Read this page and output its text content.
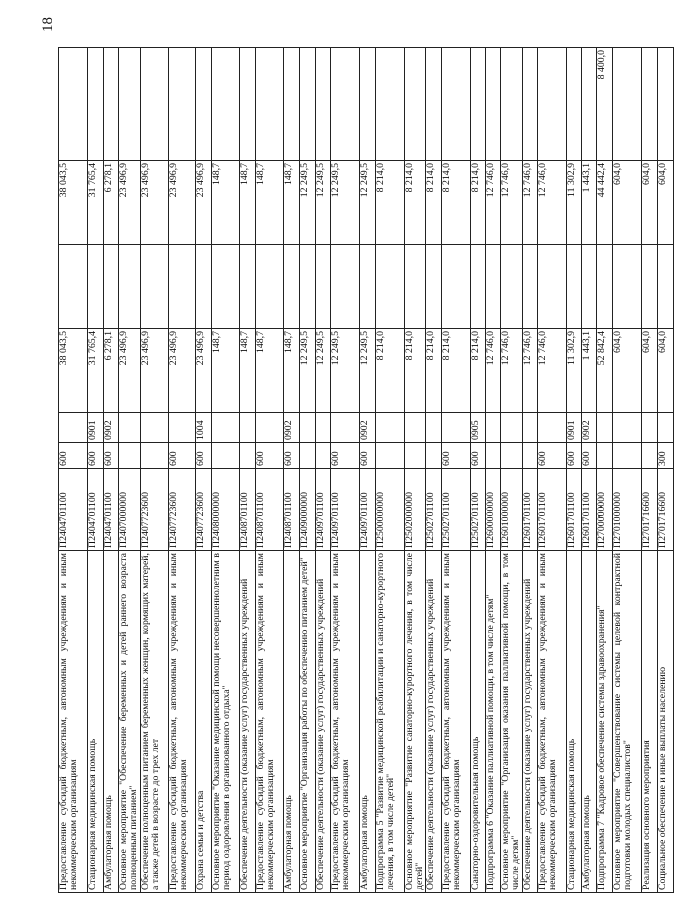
18
Предоставление субсидий бюджетным, автономным учреждениям и иным некоммерческим организациям	П2404701100	600		38 043,5		38 043,5	
Стационарная медицинская помощь	П2404701100	600	0901	31 765,4		31 765,4	
Амбулаторная помощь	П2404701100	600	0902	6 278,1		6 278,1	
Основное мероприятие "Обеспечение беременных и детей раннего возраста полноценным питанием"	П2407000000			23 496,9		23 496,9	
Обеспечение полноценным питанием беременных женщин, кормящих матерей, а также детей в возрасте до трех лет	П2407723600			23 496,9		23 496,9	
Предоставление субсидий бюджетным, автономным учреждениям и иным некоммерческим организациям	П2407723600	600		23 496,9		23 496,9	
Охрана семьи и детства	П2407723600	600	1004	23 496,9		23 496,9	
Основное мероприятие "Оказание медицинской помощи несовершеннолетним в период оздоровления в организованного отдыха"	П2408000000			148,7		148,7	
Обеспечение деятельности (оказание услуг) государственных учреждений	П2408701100			148,7		148,7	
Предоставление субсидий бюджетным, автономным учреждениям и иным некоммерческим организациям	П2408701100	600		148,7		148,7	
Амбулаторная помощь	П2408701100	600	0902	148,7		148,7	
Основное мероприятие "Организация работы по обеспечению питанием детей"	П2409000000			12 249,5		12 249,5	
Обеспечение деятельности (оказание услуг) государственных учреждений	П2409701100			12 249,5		12 249,5	
Предоставление субсидий бюджетным, автономным учреждениям и иным некоммерческим организациям	П2409701100	600		12 249,5		12 249,5	
Амбулаторная помощь	П2409701100	600	0902	12 249,5		12 249,5	
Подпрограмма 5 "Развитие медицинской реабилитации и санаторно-курортного лечения, в том числе детей"	П2500000000			8 214,0		8 214,0	
Основное мероприятие "Развитие санаторно-курортного лечения, в том числе детей"	П2502000000			8 214,0		8 214,0	
Обеспечение деятельности (оказание услуг) государственных учреждений	П2502701100			8 214,0		8 214,0	
Предоставление субсидий бюджетным, автономным учреждениям и иным некоммерческим организациям	П2502701100	600		8 214,0		8 214,0	
Санаторно-оздоровительная помощь	П2502701100	600	0905	8 214,0		8 214,0	
Подпрограмма 6 "Оказание паллиативной помощи, в том числе детям"	П2600000000			12 746,0		12 746,0	
Основное мероприятие "Организация оказания паллиативной помощи, в том числе детям"	П2601000000			12 746,0		12 746,0	
Обеспечение деятельности (оказание услуг) государственных учреждений	П2601701100			12 746,0		12 746,0	
Предоставление субсидий бюджетным, автономным учреждениям и иным некоммерческим организациям	П2601701100	600		12 746,0		12 746,0	
Стационарная медицинская помощь	П2601701100	600	0901	11 302,9		11 302,9	
Амбулаторная помощь	П2601701100	600	0902	1 443,1		1 443,1	
Подпрограмма 7 "Кадровое обеспечение системы здравоохранения"	П2700000000			52 842,4		44 442,4	8 400,0
Основное мероприятие "Совершенствование системы целевой контрактной подготовки молодых специалистов"	П2701000000			604,0		604,0	
Реализация основного мероприятия	П2701716600			604,0		604,0	
Социальное обеспечение и иные выплаты населению	П2701716600	300		604,0		604,0	
